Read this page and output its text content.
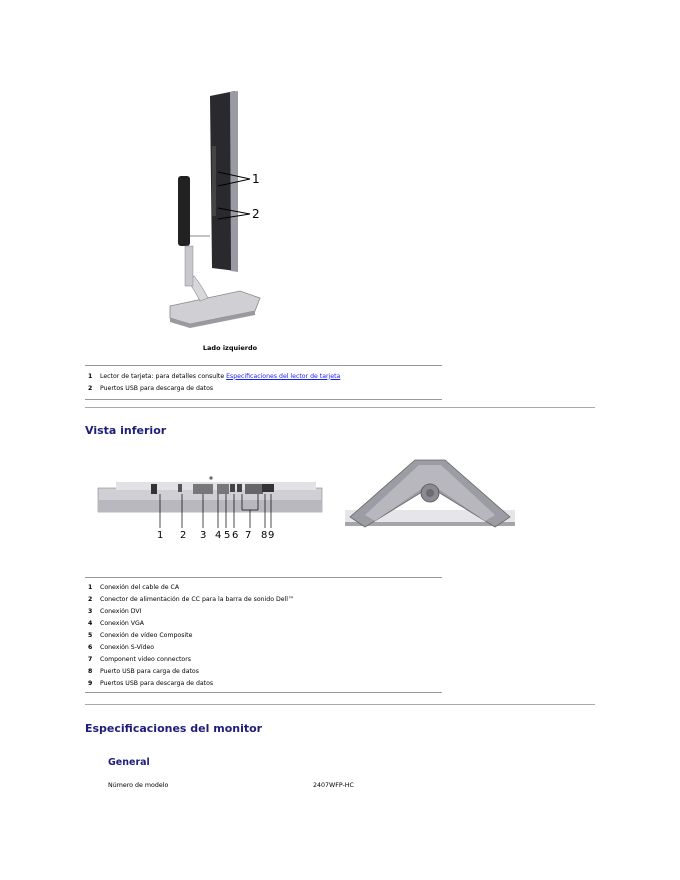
1
2
Lado izquierdo
1	Lector de tarjeta: para detalles consulte Especificaciones del lector de tarjeta
2	Puertos USB para descarga de datos
Vista inferior
1 2 3 4 5 6 7 8 9
1	Conexión del cable de CA
2	Conector de alimentación de CC para la barra de sonido Dell™
3	Conexión DVI
4	Conexión VGA
5	Conexión de vídeo Composite
6	Conexión S-Vídeo
7	Component video connectors
8	Puerto USB para carga de datos
9	Puertos USB para descarga de datos
Especificaciones del monitor
General
Número de modelo	2407WFP-HC
